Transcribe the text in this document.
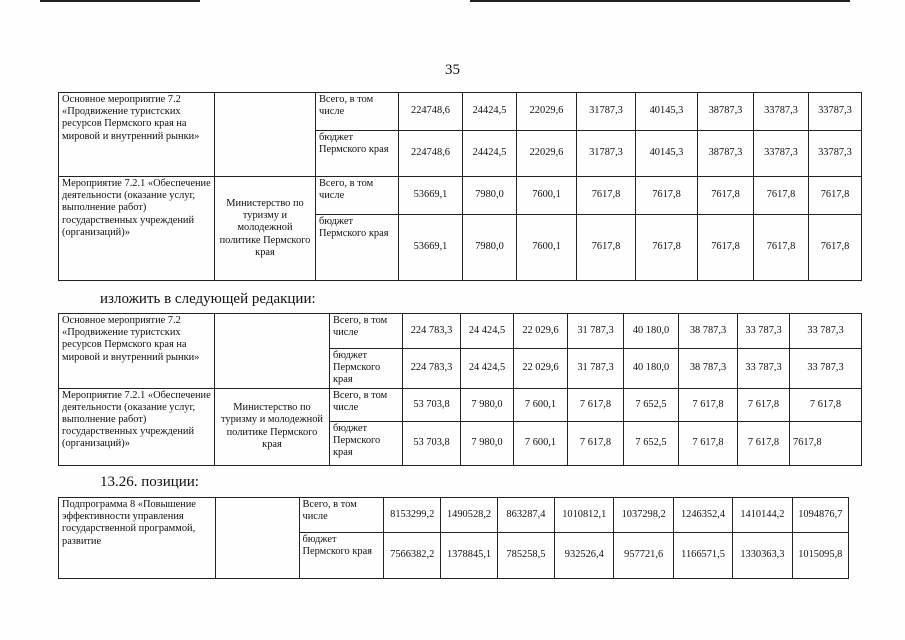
35
Основное мероприятие 7.2 «Продвижение туристских ресурсов Пермского края на мировой и внутренний рынки»		Всего, в том числе	224748,6	24424,5	22029,6	31787,3	40145,3	38787,3	33787,3	33787,3
		бюджет Пермского края	224748,6	24424,5	22029,6	31787,3	40145,3	38787,3	33787,3	33787,3
Мероприятие 7.2.1 «Обеспечение деятельности (оказание услуг, выполнение работ) государственных учреждений (организаций)»	Министерство по туризму и молодежной политике Пермского края	Всего, в том числе	53669,1	7980,0	7600,1	7617,8	7617,8	7617,8	7617,8	7617,8
		бюджет Пермского края	53669,1	7980,0	7600,1	7617,8	7617,8	7617,8	7617,8	7617,8
изложить в следующей редакции:
Основное мероприятие 7.2 «Продвижение туристских ресурсов Пермского края на мировой и внутренний рынки»		Всего, в том числе	224 783,3	24 424,5	22 029,6	31 787,3	40 180,0	38 787,3	33 787,3	33 787,3
		бюджет Пермского края	224 783,3	24 424,5	22 029,6	31 787,3	40 180,0	38 787,3	33 787,3	33 787,3
Мероприятие 7.2.1 «Обеспечение деятельности (оказание услуг, выполнение работ) государственных учреждений (организаций)»	Министерство по туризму и молодежной политике Пермского края	Всего, в том числе	53 703,8	7 980,0	7 600,1	7 617,8	7 652,5	7 617,8	7 617,8	7 617,8
		бюджет Пермского края	53 703,8	7 980,0	7 600,1	7 617,8	7 652,5	7 617,8	7 617,8	7617,8
13.26. позиции:
Подпрограмма 8 «Повышение эффективности управления государственной программой, развитие		Всего, в том числе	8153299,2	1490528,2	863287,4	1010812,1	1037298,2	1246352,4	1410144,2	1094876,7
		бюджет Пермского края	7566382,2	1378845,1	785258,5	932526,4	957721,6	1166571,5	1330363,3	1015095,8
